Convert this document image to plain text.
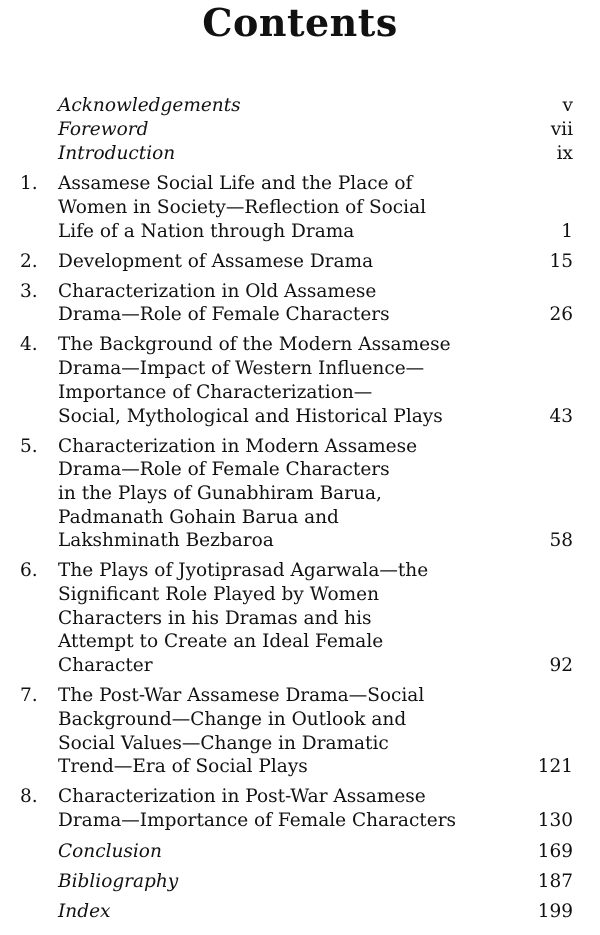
Contents
Acknowledgements	v
Foreword	vii
Introduction	ix
1. Assamese Social Life and the Place of
Women in Society—Reflection of Social
Life of a Nation through Drama	1
2. Development of Assamese Drama	15
3. Characterization in Old Assamese
Drama—Role of Female Characters	26
4. The Background of the Modern Assamese
Drama—Impact of Western Influence—
Importance of Characterization—
Social, Mythological and Historical Plays	43
5. Characterization in Modern Assamese
Drama—Role of Female Characters
in the Plays of Gunabhiram Barua,
Padmanath Gohain Barua and
Lakshminath Bezbaroa	58
6. The Plays of Jyotiprasad Agarwala—the
Significant Role Played by Women
Characters in his Dramas and his
Attempt to Create an Ideal Female
Character	92
7. The Post-War Assamese Drama—Social
Background—Change in Outlook and
Social Values—Change in Dramatic
Trend—Era of Social Plays	121
8. Characterization in Post-War Assamese
Drama—Importance of Female Characters	130
Conclusion	169
Bibliography	187
Index	199
